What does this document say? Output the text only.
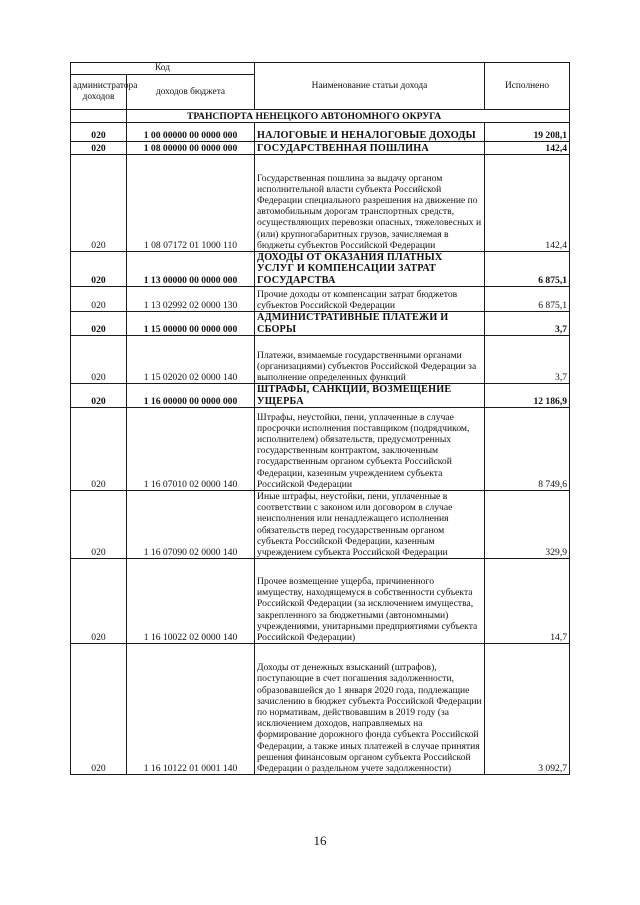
Код		Наименование статьи дохода	Исполнено
администратора доходов	доходов бюджета		
	ТРАНСПОРТА НЕНЕЦКОГО АВТОНОМНОГО ОКРУГА		
020	1 00 00000 00 0000 000	НАЛОГОВЫЕ И НЕНАЛОГОВЫЕ ДОХОДЫ	19 208,1
020	1 08 00000 00 0000 000	ГОСУДАРСТВЕННАЯ ПОШЛИНА	142,4
020	1 08 07172 01 1000 110	Государственная пошлина за выдачу органом исполнительной власти субъекта Российской Федерации специального разрешения на движение по автомобильным дорогам транспортных средств, осуществляющих перевозки опасных, тяжеловесных и (или) крупногабаритных грузов, зачисляемая в бюджеты субъектов Российской Федерации	142,4
020	1 13 00000 00 0000 000	ДОХОДЫ ОТ ОКАЗАНИЯ ПЛАТНЫХ УСЛУГ И КОМПЕНСАЦИИ ЗАТРАТ ГОСУДАРСТВА	6 875,1
020	1 13 02992 02 0000 130	Прочие доходы от компенсации затрат бюджетов субъектов Российской Федерации	6 875,1
020	1 15 00000 00 0000 000	АДМИНИСТРАТИВНЫЕ ПЛАТЕЖИ И СБОРЫ	3,7
020	1 15 02020 02 0000 140	Платежи, взимаемые государственными органами (организациями) субъектов Российской Федерации за выполнение определенных функций	3,7
020	1 16 00000 00 0000 000	ШТРАФЫ, САНКЦИИ, ВОЗМЕЩЕНИЕ УЩЕРБА	12 186,9
020	1 16 07010 02 0000 140	Штрафы, неустойки, пени, уплаченные в случае просрочки исполнения поставщиком (подрядчиком, исполнителем) обязательств, предусмотренных государственным контрактом, заключенным государственным органом субъекта Российской Федерации, казенным учреждением субъекта Российской Федерации	8 749,6
020	1 16 07090 02 0000 140	Иные штрафы, неустойки, пени, уплаченные в соответствии с законом или договором в случае неисполнения или ненадлежащего исполнения обязательств перед государственным органом субъекта Российской Федерации, казенным учреждением субъекта Российской Федерации	329,9
020	1 16 10022 02 0000 140	Прочее возмещение ущерба, причиненного имуществу, находящемуся в собственности субъекта Российской Федерации (за исключением имущества, закрепленного за бюджетными (автономными) учреждениями, унитарными предприятиями субъекта Российской Федерации)	14,7
020	1 16 10122 01 0001 140	Доходы от денежных взысканий (штрафов), поступающие в счет погашения задолженности, образовавшейся до 1 января 2020 года, подлежащие зачислению в бюджет субъекта Российской Федерации по нормативам, действовавшим в 2019 году (за исключением доходов, направляемых на формирование дорожного фонда субъекта Российской Федерации, а также иных платежей в случае принятия решения финансовым органом субъекта Российской Федерации о раздельном учете задолженности)	3 092,7
16
